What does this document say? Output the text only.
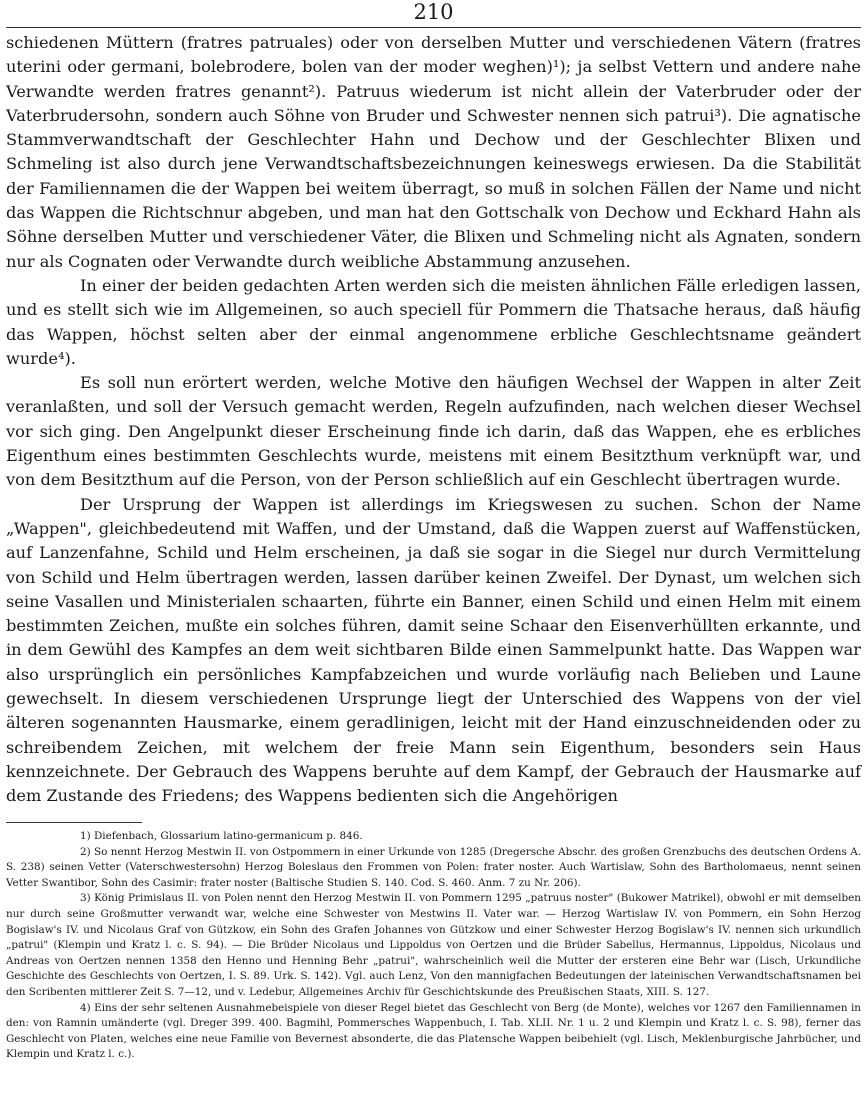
210

schiedenen Müttern (fratres patruales) oder von derselben Mutter und verschiedenen Vätern (fratres uterini oder germani, bolebrodere, bolen van der moder weghen)¹); ja selbst Vettern und andere nahe Verwandte werden fratres genannt²). Patruus wiederum ist nicht allein der Vaterbruder oder der Vaterbrudersohn, sondern auch Söhne von Bruder und Schwester nennen sich patrui³). Die agnatische Stammverwandtschaft der Geschlechter Hahn und Dechow und der Geschlechter Blixen und Schmeling ist also durch jene Verwandtschaftsbezeichnungen keineswegs erwiesen. Da die Stabilität der Familiennamen die der Wappen bei weitem überragt, so muß in solchen Fällen der Name und nicht das Wappen die Richtschnur abgeben, und man hat den Gottschalk von Dechow und Eckhard Hahn als Söhne derselben Mutter und verschiedener Väter, die Blixen und Schmeling nicht als Agnaten, sondern nur als Cognaten oder Verwandte durch weibliche Abstammung anzusehen.

In einer der beiden gedachten Arten werden sich die meisten ähnlichen Fälle erledigen lassen, und es stellt sich wie im Allgemeinen, so auch speciell für Pommern die Thatsache heraus, daß häufig das Wappen, höchst selten aber der einmal angenommene erbliche Geschlechtsname geändert wurde⁴).

Es soll nun erörtert werden, welche Motive den häufigen Wechsel der Wappen in alter Zeit veranlaßten, und soll der Versuch gemacht werden, Regeln aufzufinden, nach welchen dieser Wechsel vor sich ging. Den Angelpunkt dieser Erscheinung finde ich darin, daß das Wappen, ehe es erbliches Eigenthum eines bestimmten Geschlechts wurde, meistens mit einem Besitzthum verknüpft war, und von dem Besitzthum auf die Person, von der Person schließlich auf ein Geschlecht übertragen wurde.

Der Ursprung der Wappen ist allerdings im Kriegswesen zu suchen. Schon der Name „Wappen", gleichbedeutend mit Waffen, und der Umstand, daß die Wappen zuerst auf Waffenstücken, auf Lanzenfahne, Schild und Helm erscheinen, ja daß sie sogar in die Siegel nur durch Vermittelung von Schild und Helm übertragen werden, lassen darüber keinen Zweifel. Der Dynast, um welchen sich seine Vasallen und Ministerialen schaarten, führte ein Banner, einen Schild und einen Helm mit einem bestimmten Zeichen, mußte ein solches führen, damit seine Schaar den Eisenverhüllten erkannte, und in dem Gewühl des Kampfes an dem weit sichtbaren Bilde einen Sammelpunkt hatte. Das Wappen war also ursprünglich ein persönliches Kampfabzeichen und wurde vorläufig nach Belieben und Laune gewechselt. In diesem verschiedenen Ursprunge liegt der Unterschied des Wappens von der viel älteren sogenannten Hausmarke, einem geradlinigen, leicht mit der Hand einzuschneidenden oder zu schreibendem Zeichen, mit welchem der freie Mann sein Eigenthum, besonders sein Haus kennzeichnete. Der Gebrauch des Wappens beruhte auf dem Kampf, der Gebrauch der Hausmarke auf dem Zustande des Friedens; des Wappens bedienten sich die Angehörigen

1) Diefenbach, Glossarium latino-germanicum p. 846.

2) So nennt Herzog Mestwin II. von Ostpommern in einer Urkunde von 1285 (Dregersche Abschr. des großen Grenzbuchs des deutschen Ordens A. S. 238) seinen Vetter (Vaterschwestersohn) Herzog Boleslaus den Frommen von Polen: frater noster. Auch Wartislaw, Sohn des Bartholomaeus, nennt seinen Vetter Swantibor, Sohn des Casimir: frater noster (Baltische Studien S. 140. Cod. S. 460. Anm. 7 zu Nr. 206).

3) König Primislaus II. von Polen nennt den Herzog Mestwin II. von Pommern 1295 „patruus noster" (Bukower Matrikel), obwohl er mit demselben nur durch seine Großmutter verwandt war, welche eine Schwester von Mestwins II. Vater war. — Herzog Wartislaw IV. von Pommern, ein Sohn Herzog Bogislaw's IV. und Nicolaus Graf von Gützkow, ein Sohn des Grafen Johannes von Gützkow und einer Schwester Herzog Bogislaw's IV. nennen sich urkundlich „patrui" (Klempin und Kratz l. c. S. 94). — Die Brüder Nicolaus und Lippoldus von Oertzen und die Brüder Sabellus, Hermannus, Lippoldus, Nicolaus und Andreas von Oertzen nennen 1358 den Henno und Henning Behr „patrui", wahrscheinlich weil die Mutter der ersteren eine Behr war (Lisch, Urkundliche Geschichte des Geschlechts von Oertzen, I. S. 89. Urk. S. 142). Vgl. auch Lenz, Von den mannigfachen Bedeutungen der lateinischen Verwandtschaftsnamen bei den Scribenten mittlerer Zeit S. 7—12, und v. Ledebur, Allgemeines Archiv für Geschichtskunde des Preußischen Staats, XIII. S. 127.

4) Eins der sehr seltenen Ausnahmebeispiele von dieser Regel bietet das Geschlecht von Berg (de Monte), welches vor 1267 den Familiennamen in den: von Ramnin umänderte (vgl. Dreger 399. 400. Bagmihl, Pommersches Wappenbuch, I. Tab. XLII. Nr. 1 u. 2 und Klempin und Kratz l. c. S. 98), ferner das Geschlecht von Platen, welches eine neue Familie von Bevernest absonderte, die das Platensche Wappen beibehielt (vgl. Lisch, Meklenburgische Jahrbücher, und Klempin und Kratz l. c.).
